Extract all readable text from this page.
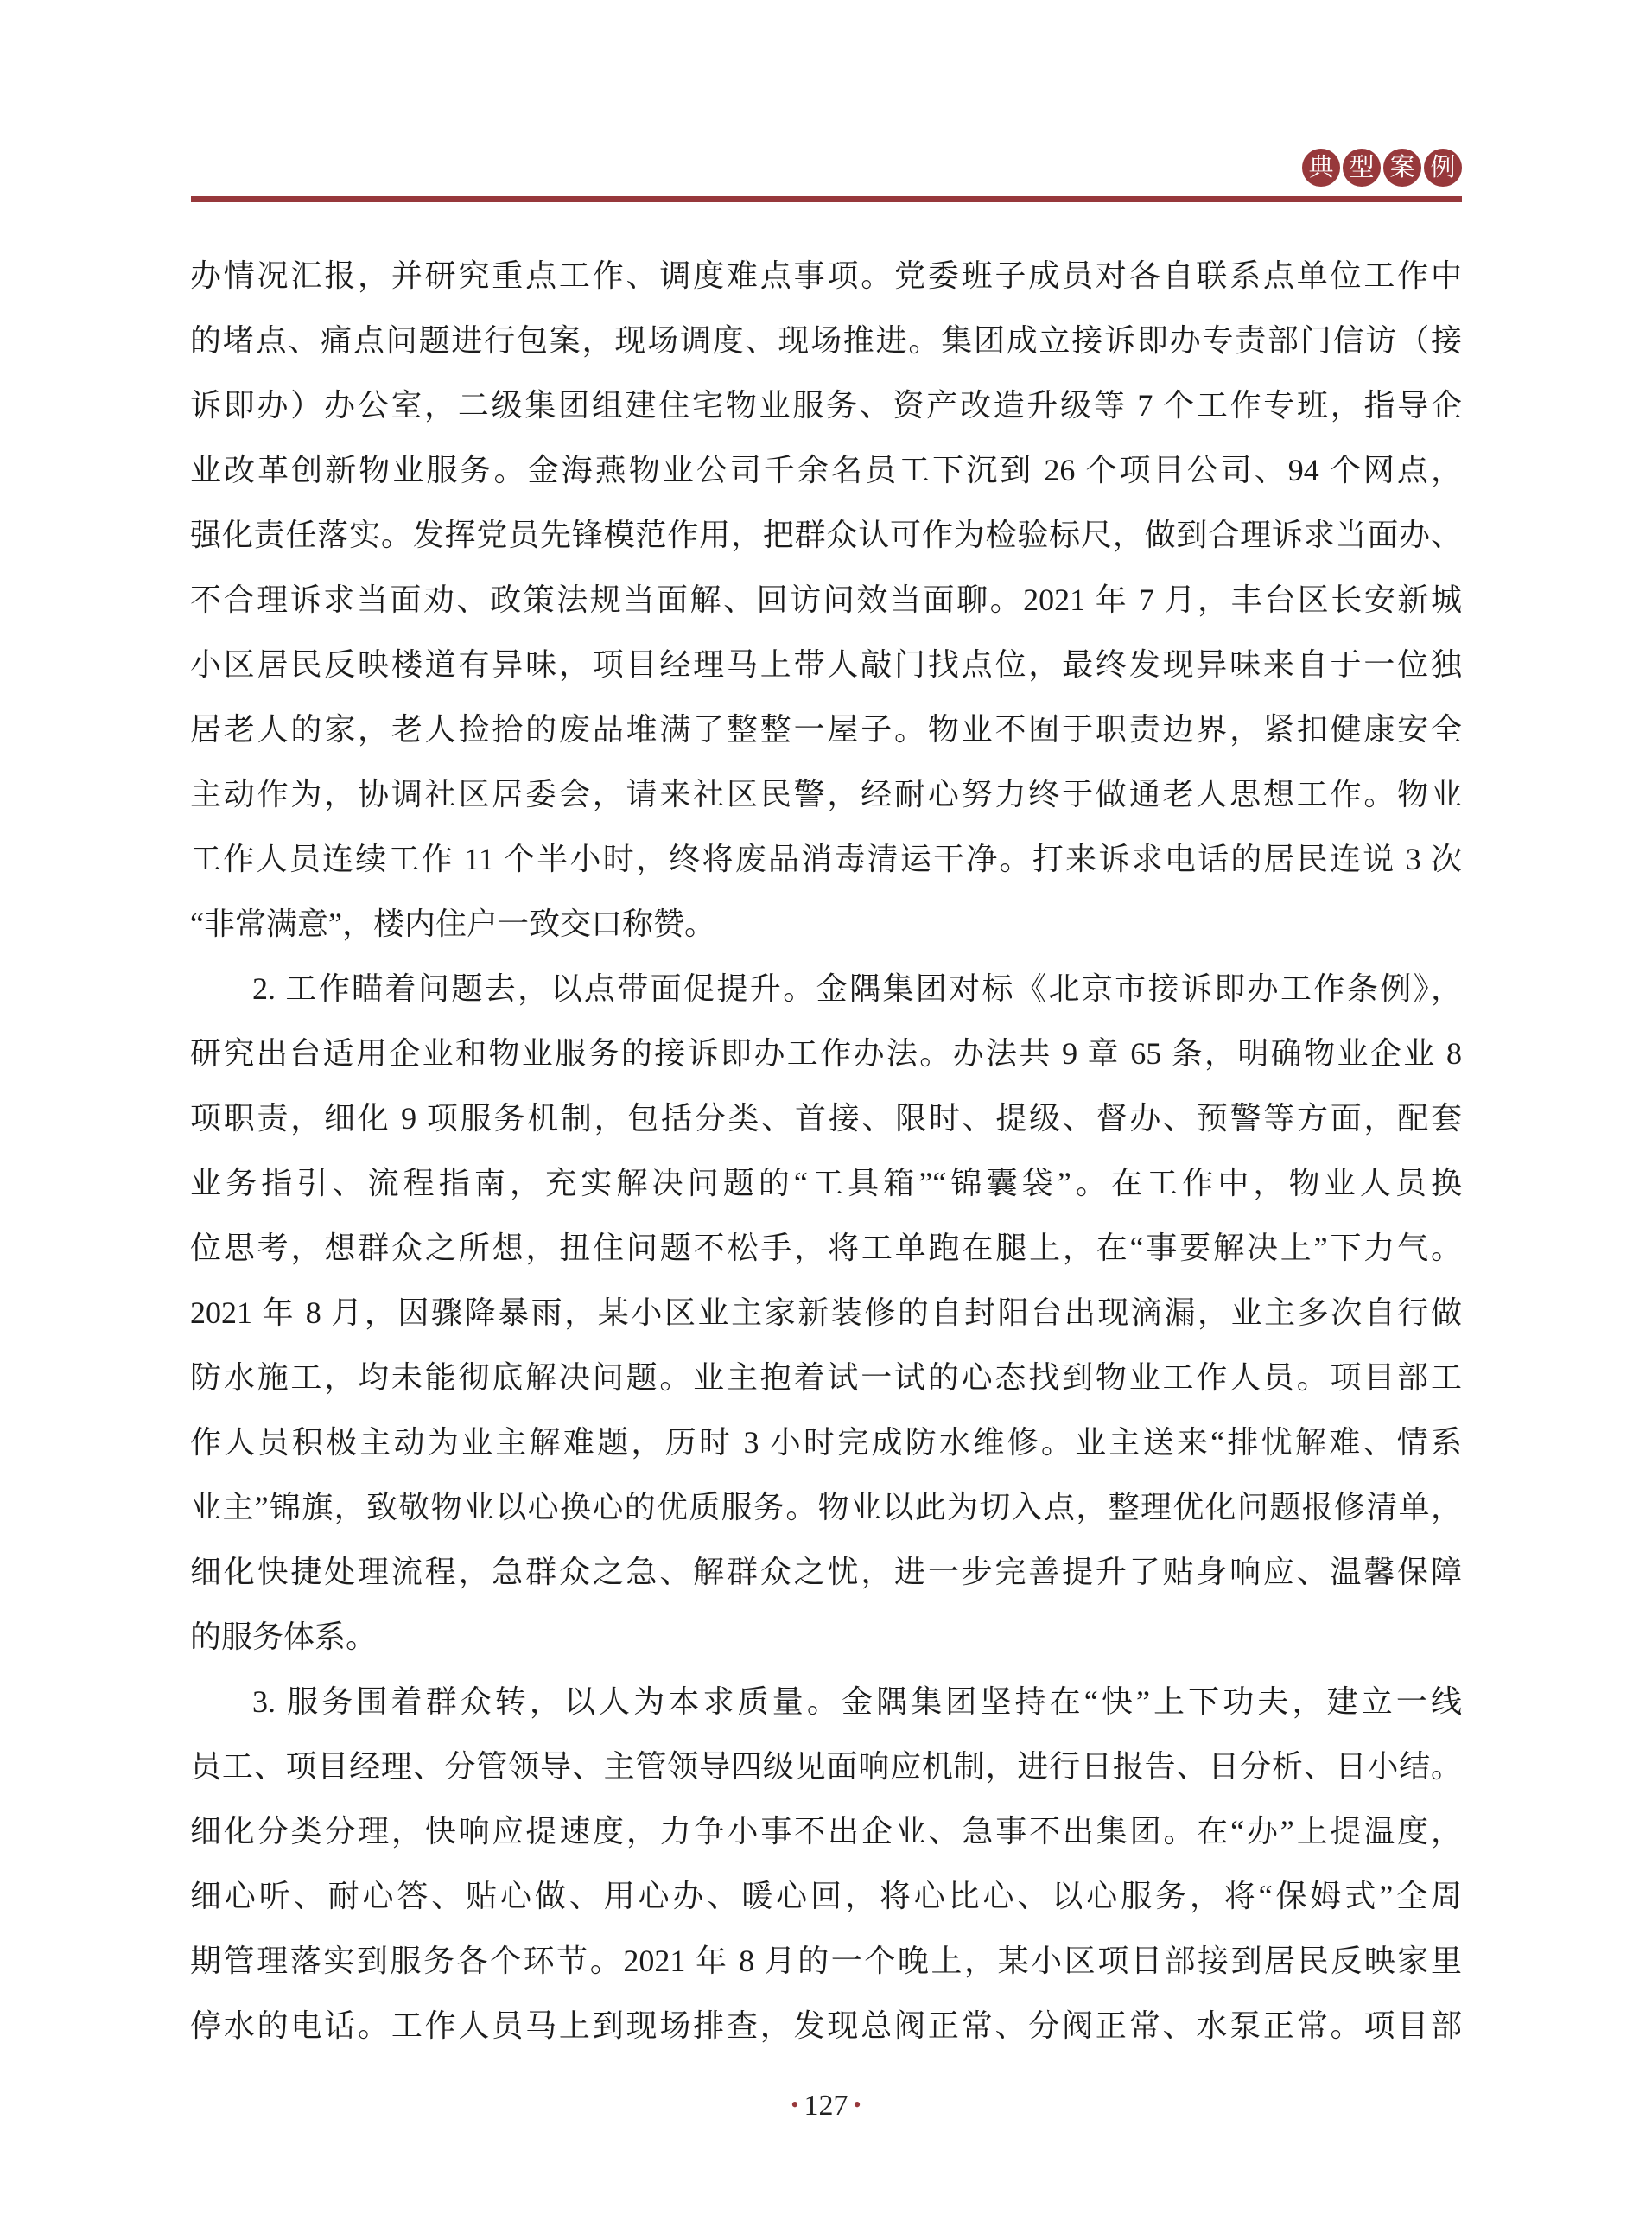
典 型 案 例
办情况汇报，并研究重点工作、调度难点事项。党委班子成员对各自联系点单位工作中
的堵点、痛点问题进行包案，现场调度、现场推进。集团成立接诉即办专责部门信访（接
诉即办）办公室，二级集团组建住宅物业服务、资产改造升级等 7 个工作专班，指导企
业改革创新物业服务。金海燕物业公司千余名员工下沉到 26 个项目公司、94 个网点，
强化责任落实。发挥党员先锋模范作用，把群众认可作为检验标尺，做到合理诉求当面办、
不合理诉求当面劝、政策法规当面解、回访问效当面聊。2021 年 7 月，丰台区长安新城
小区居民反映楼道有异味，项目经理马上带人敲门找点位，最终发现异味来自于一位独
居老人的家，老人捡拾的废品堆满了整整一屋子。物业不囿于职责边界，紧扣健康安全
主动作为，协调社区居委会，请来社区民警，经耐心努力终于做通老人思想工作。物业
工作人员连续工作 11 个半小时，终将废品消毒清运干净。打来诉求电话的居民连说 3 次
“非常满意”，楼内住户一致交口称赞。
2. 工作瞄着问题去，以点带面促提升。金隅集团对标《北京市接诉即办工作条例》，
研究出台适用企业和物业服务的接诉即办工作办法。办法共 9 章 65 条，明确物业企业 8
项职责，细化 9 项服务机制，包括分类、首接、限时、提级、督办、预警等方面，配套
业务指引、流程指南，充实解决问题的“工具箱”“锦囊袋”。在工作中，物业人员换
位思考，想群众之所想，扭住问题不松手，将工单跑在腿上，在“事要解决上”下力气。
2021 年 8 月，因骤降暴雨，某小区业主家新装修的自封阳台出现滴漏，业主多次自行做
防水施工，均未能彻底解决问题。业主抱着试一试的心态找到物业工作人员。项目部工
作人员积极主动为业主解难题，历时 3 小时完成防水维修。业主送来“排忧解难、情系
业主”锦旗，致敬物业以心换心的优质服务。物业以此为切入点，整理优化问题报修清单，
细化快捷处理流程，急群众之急、解群众之忧，进一步完善提升了贴身响应、温馨保障
的服务体系。
3. 服务围着群众转，以人为本求质量。金隅集团坚持在“快”上下功夫，建立一线
员工、项目经理、分管领导、主管领导四级见面响应机制，进行日报告、日分析、日小结。
细化分类分理，快响应提速度，力争小事不出企业、急事不出集团。在“办”上提温度，
细心听、耐心答、贴心做、用心办、暖心回，将心比心、以心服务，将“保姆式”全周
期管理落实到服务各个环节。2021 年 8 月的一个晚上，某小区项目部接到居民反映家里
停水的电话。工作人员马上到现场排查，发现总阀正常、分阀正常、水泵正常。项目部
• 127 •
